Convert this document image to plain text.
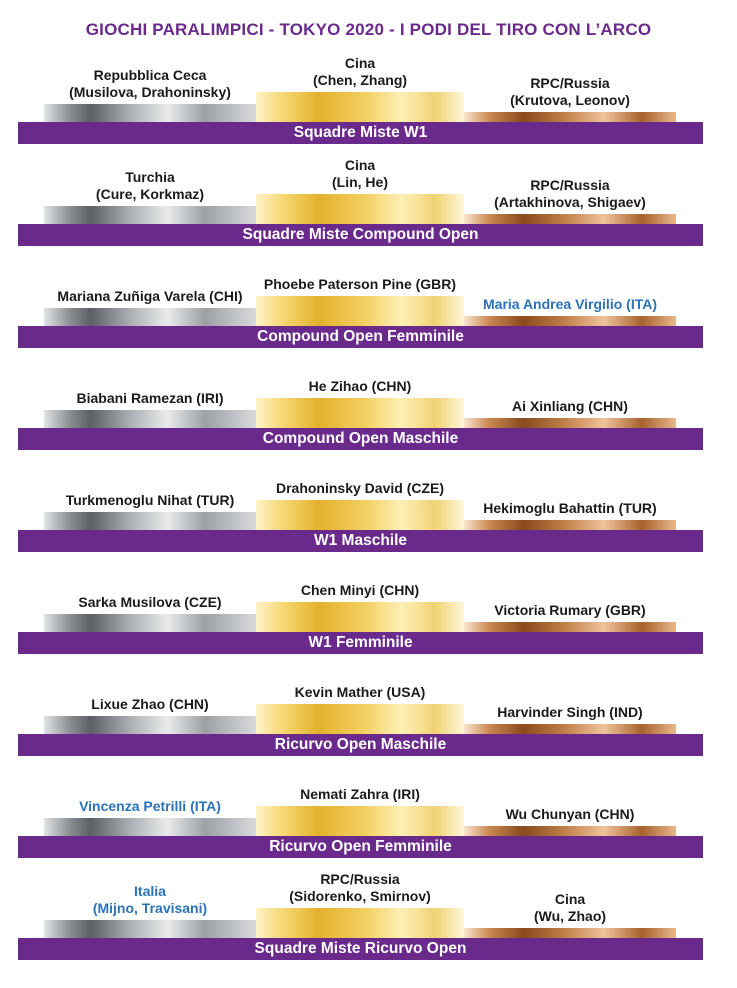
GIOCHI PARALIMPICI - TOKYO 2020 - I PODI DEL TIRO CON L’ARCO
Repubblica Ceca
(Musilova, Drahoninsky)
Cina
(Chen, Zhang)	RPC/Russia
(Krutova, Leonov)
Squadre Miste W1
Turchia
(Cure, Korkmaz)
Cina
(Lin, He)	RPC/Russia
(Artakhinova, Shigaev)
Squadre Miste Compound Open
Mariana Zuñiga Varela (CHI)
Phoebe Paterson Pine (GBR)
Maria Andrea Virgilio (ITA)
Compound Open Femminile
Biabani Ramezan (IRI)
He Zihao (CHN)
Ai Xinliang (CHN)
Compound Open Maschile
Turkmenoglu Nihat (TUR)
Drahoninsky David (CZE)
Hekimoglu Bahattin (TUR)
W1 Maschile
Sarka Musilova (CZE)
Chen Minyi (CHN)
Victoria Rumary (GBR)
W1 Femminile
Lixue Zhao (CHN)
Kevin Mather (USA)
Harvinder Singh (IND)
Ricurvo Open Maschile
Vincenza Petrilli (ITA)
Nemati Zahra (IRI)
Wu Chunyan (CHN)
Ricurvo Open Femminile
Italia
(Mijno, Travisani)
RPC/Russia
(Sidorenko, Smirnov)	Cina
(Wu, Zhao)
Squadre Miste Ricurvo Open
